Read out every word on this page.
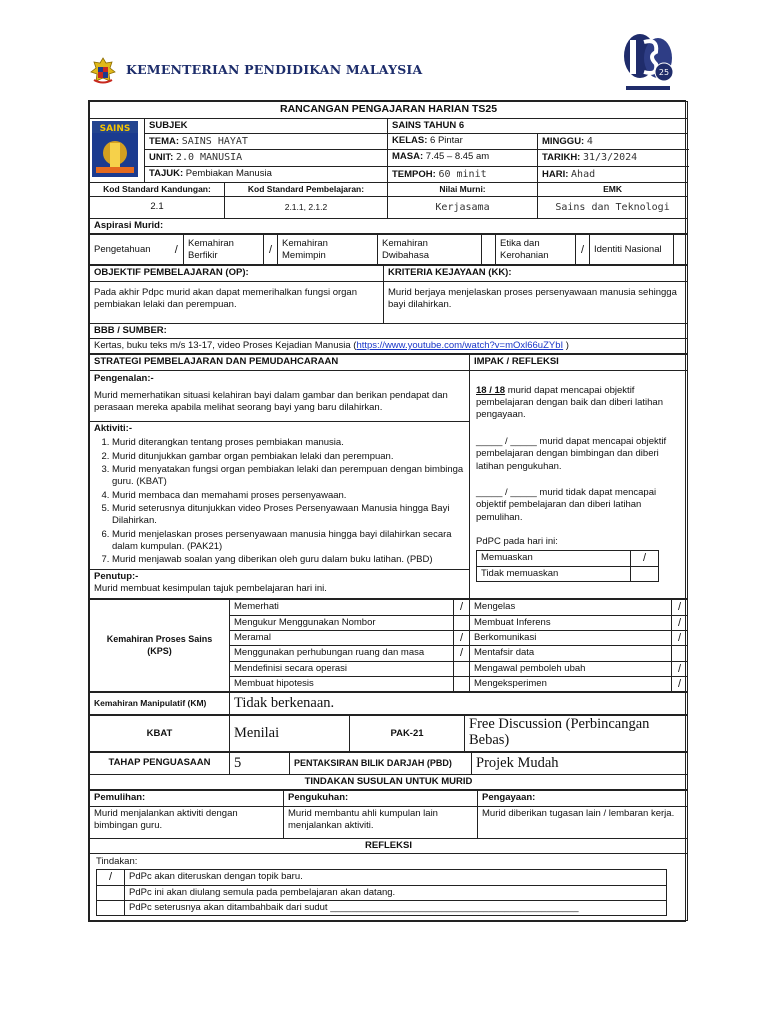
KEMENTERIAN PENDIDIKAN MALAYSIA	25
RANCANGAN PENGAJARAN HARIAN TS25				

SAINS	SUBJEK		SAINS TAHUN 6	
	TEMA: SAINS HAYAT		KELAS: 6 Pintar	MINGGU: 4
	UNIT: 2.0 MANUSIA		MASA: 7.45 – 8.45 am	TARIKH: 31/3/2024
	TAJUK: Pembiakan Manusia		TEMPOH: 60 minit	HARI: Ahad
Kod Standard Kandungan:		Kod Standard Pembelajaran:	Nilai Murni:	EMK
2.1		2.1.1, 2.1.2	Kerjasama	Sains dan Teknologi
Aspirasi Murid:				
Pengetahuan	/	Kemahiran Berfikir	/	Kemahiran Memimpin	Kemahiran Dwibahasa		Etika dan Kerohanian	/	Identiti Nasional	
OBJEKTIF PEMBELAJARAN (OP):	KRITERIA KEJAYAAN (KK):
Pada akhir Pdpc murid akan dapat memerihalkan fungsi organ pembiakan lelaki dan perempuan.	Murid berjaya menjelaskan proses persenyawaan manusia sehingga bayi dilahirkan.
BBB / SUMBER:	
Kertas, buku teks m/s 13-17, video Proses Kejadian Manusia (https://www.youtube.com/watch?v=mOxl66uZYbI )	
STRATEGI PEMBELAJARAN DAN PEMUDAHCARAAN	IMPAK / REFLEKSI

Pengenalan:-
Murid memerhatikan situasi kelahiran bayi dalam gambar dan berikan pendapat dan perasaan mereka apabila melihat seorang bayi yang baru dilahirkan.
Aktiviti:-
1. Murid diterangkan tentang proses pembiakan manusia.
2. Murid ditunjukkan gambar organ pembiakan lelaki dan perempuan.
3. Murid menyatakan fungsi organ pembiakan lelaki dan perempuan dengan bimbinga guru. (KBAT)
4. Murid membaca dan memahami proses persenyawaan.
5. Murid seterusnya ditunjukkan video Proses Persenyawaan Manusia hingga Bayi Dilahirkan.
6. Murid menjelaskan proses persenyawaan manusia hingga bayi dilahirkan secara dalam kumpulan. (PAK21)
7. Murid menjawab soalan yang diberikan oleh guru dalam buku latihan. (PBD)
Penutup:-
Murid membuat kesimpulan tajuk pembelajaran hari ini.

18 / 18 murid dapat mencapai objektif pembelajaran dengan baik dan diberi latihan pengayaan.
_____ / _____ murid dapat mencapai objektif pembelajaran dengan bimbingan dan diberi latihan pengukuhan.
_____ / _____ murid tidak dapat mencapai objektif pembelajaran dan diberi latihan pemulihan.
PdPC pada hari ini:
Memuaskan	/
Tidak memuaskan	
Kemahiran Proses Sains (KPS)	Memerhati	/	Mengelas	/
	Mengukur Menggunakan Nombor		Membuat Inferens	/
	Meramal	/	Berkomunikasi	/
	Menggunakan perhubungan ruang dan masa	/	Mentafsir data	
	Mendefinisi secara operasi		Mengawal pemboleh ubah	/
	Membuat hipotesis		Mengeksperimen	/
Kemahiran Manipulatif (KM)	Tidak berkenaan.
KBAT	Menilai	PAK-21	Free Discussion (Perbincangan Bebas)
TAHAP PENGUASAAN	5	PENTAKSIRAN BILIK DARJAH (PBD)	Projek Mudah
TINDAKAN SUSULAN UNTUK MURID
Pemulihan:	Pengukuhan:	Pengayaan:
Murid menjalankan aktiviti dengan bimbingan guru.	Murid membantu ahli kumpulan lain menjalankan aktiviti.	Murid diberikan tugasan lain / lembaran kerja.
REFLEKSI

Tindakan:
/	PdPc akan diteruskan dengan topik baru.
	PdPc ini akan diulang semula pada pembelajaran akan datang.
	PdPc seterusnya akan ditambahbaik dari sudut _______________________________________________
